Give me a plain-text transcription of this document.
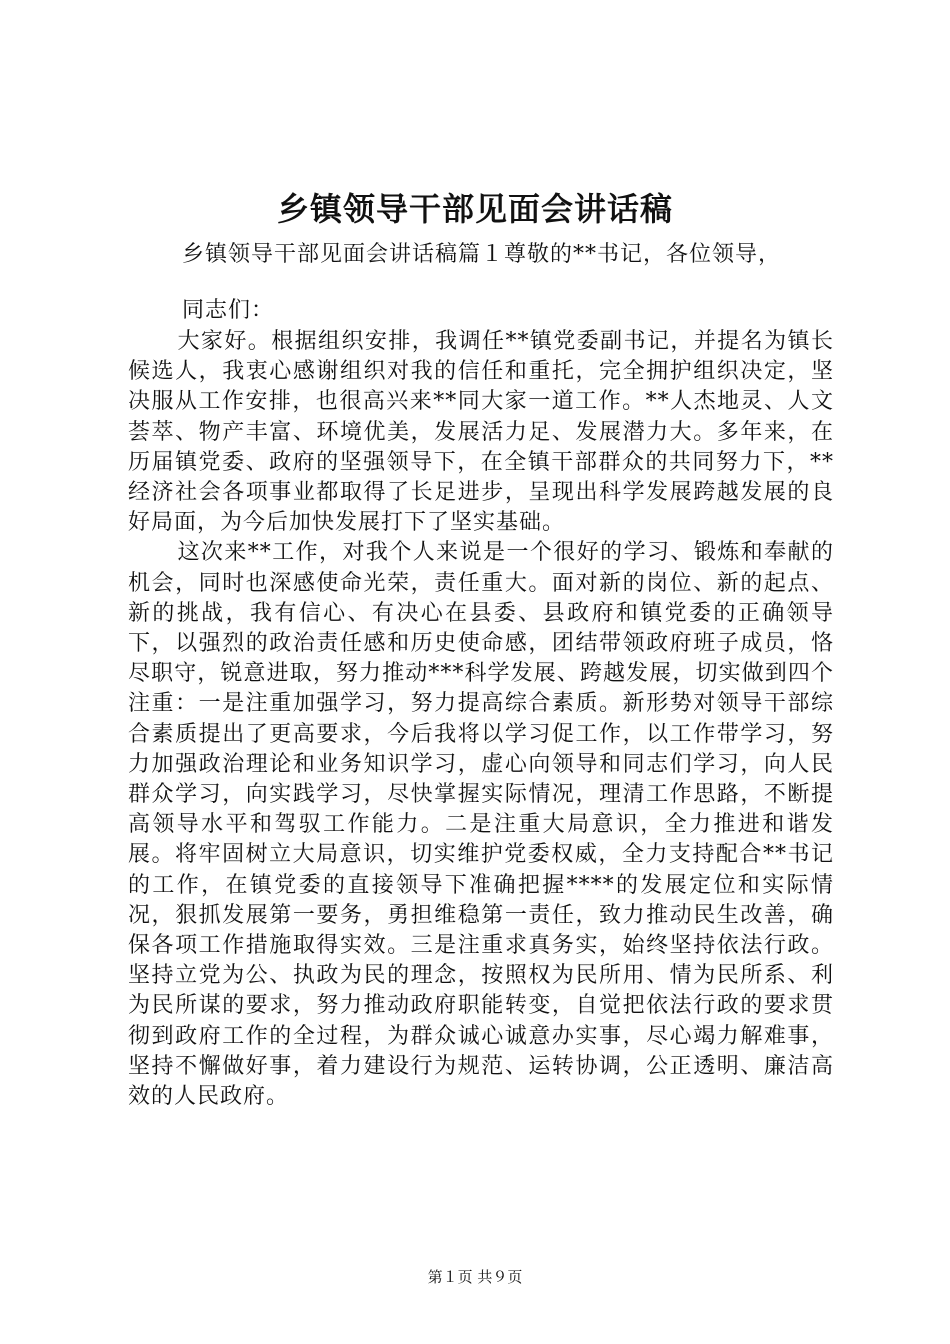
乡镇领导干部见面会讲话稿
乡镇领导干部见面会讲话稿篇１尊敬的**书记，各位领导，
同志们：

大家好。根据组织安排，我调任**镇党委副书记，并提名为镇长候选人，我衷心感谢组织对我的信任和重托，完全拥护组织决定，坚决服从工作安排，也很高兴来**同大家一道工作。**人杰地灵、人文荟萃、物产丰富、环境优美，发展活力足、发展潜力大。多年来，在历届镇党委、政府的坚强领导下，在全镇干部群众的共同努力下，**经济社会各项事业都取得了长足进步，呈现出科学发展跨越发展的良好局面，为今后加快发展打下了坚实基础。

这次来**工作，对我个人来说是一个很好的学习、锻炼和奉献的机会，同时也深感使命光荣，责任重大。面对新的岗位、新的起点、新的挑战，我有信心、有决心在县委、县政府和镇党委的正确领导下，以强烈的政治责任感和历史使命感，团结带领政府班子成员，恪尽职守，锐意进取，努力推动***科学发展、跨越发展，切实做到四个注重：一是注重加强学习，努力提高综合素质。新形势对领导干部综合素质提出了更高要求，今后我将以学习促工作，以工作带学习，努力加强政治理论和业务知识学习，虚心向领导和同志们学习，向人民群众学习，向实践学习，尽快掌握实际情况，理清工作思路，不断提高领导水平和驾驭工作能力。二是注重大局意识，全力推进和谐发展。将牢固树立大局意识，切实维护党委权威，全力支持配合**书记的工作，在镇党委的直接领导下准确把握****的发展定位和实际情况，狠抓发展第一要务，勇担维稳第一责任，致力推动民生改善，确保各项工作措施取得实效。三是注重求真务实，始终坚持依法行政。坚持立党为公、执政为民的理念，按照权为民所用、情为民所系、利为民所谋的要求，努力推动政府职能转变，自觉把依法行政的要求贯彻到政府工作的全过程，为群众诚心诚意办实事，尽心竭力解难事，坚持不懈做好事，着力建设行为规范、运转协调，公正透明、廉洁高效的人民政府。

第１页 共９页
